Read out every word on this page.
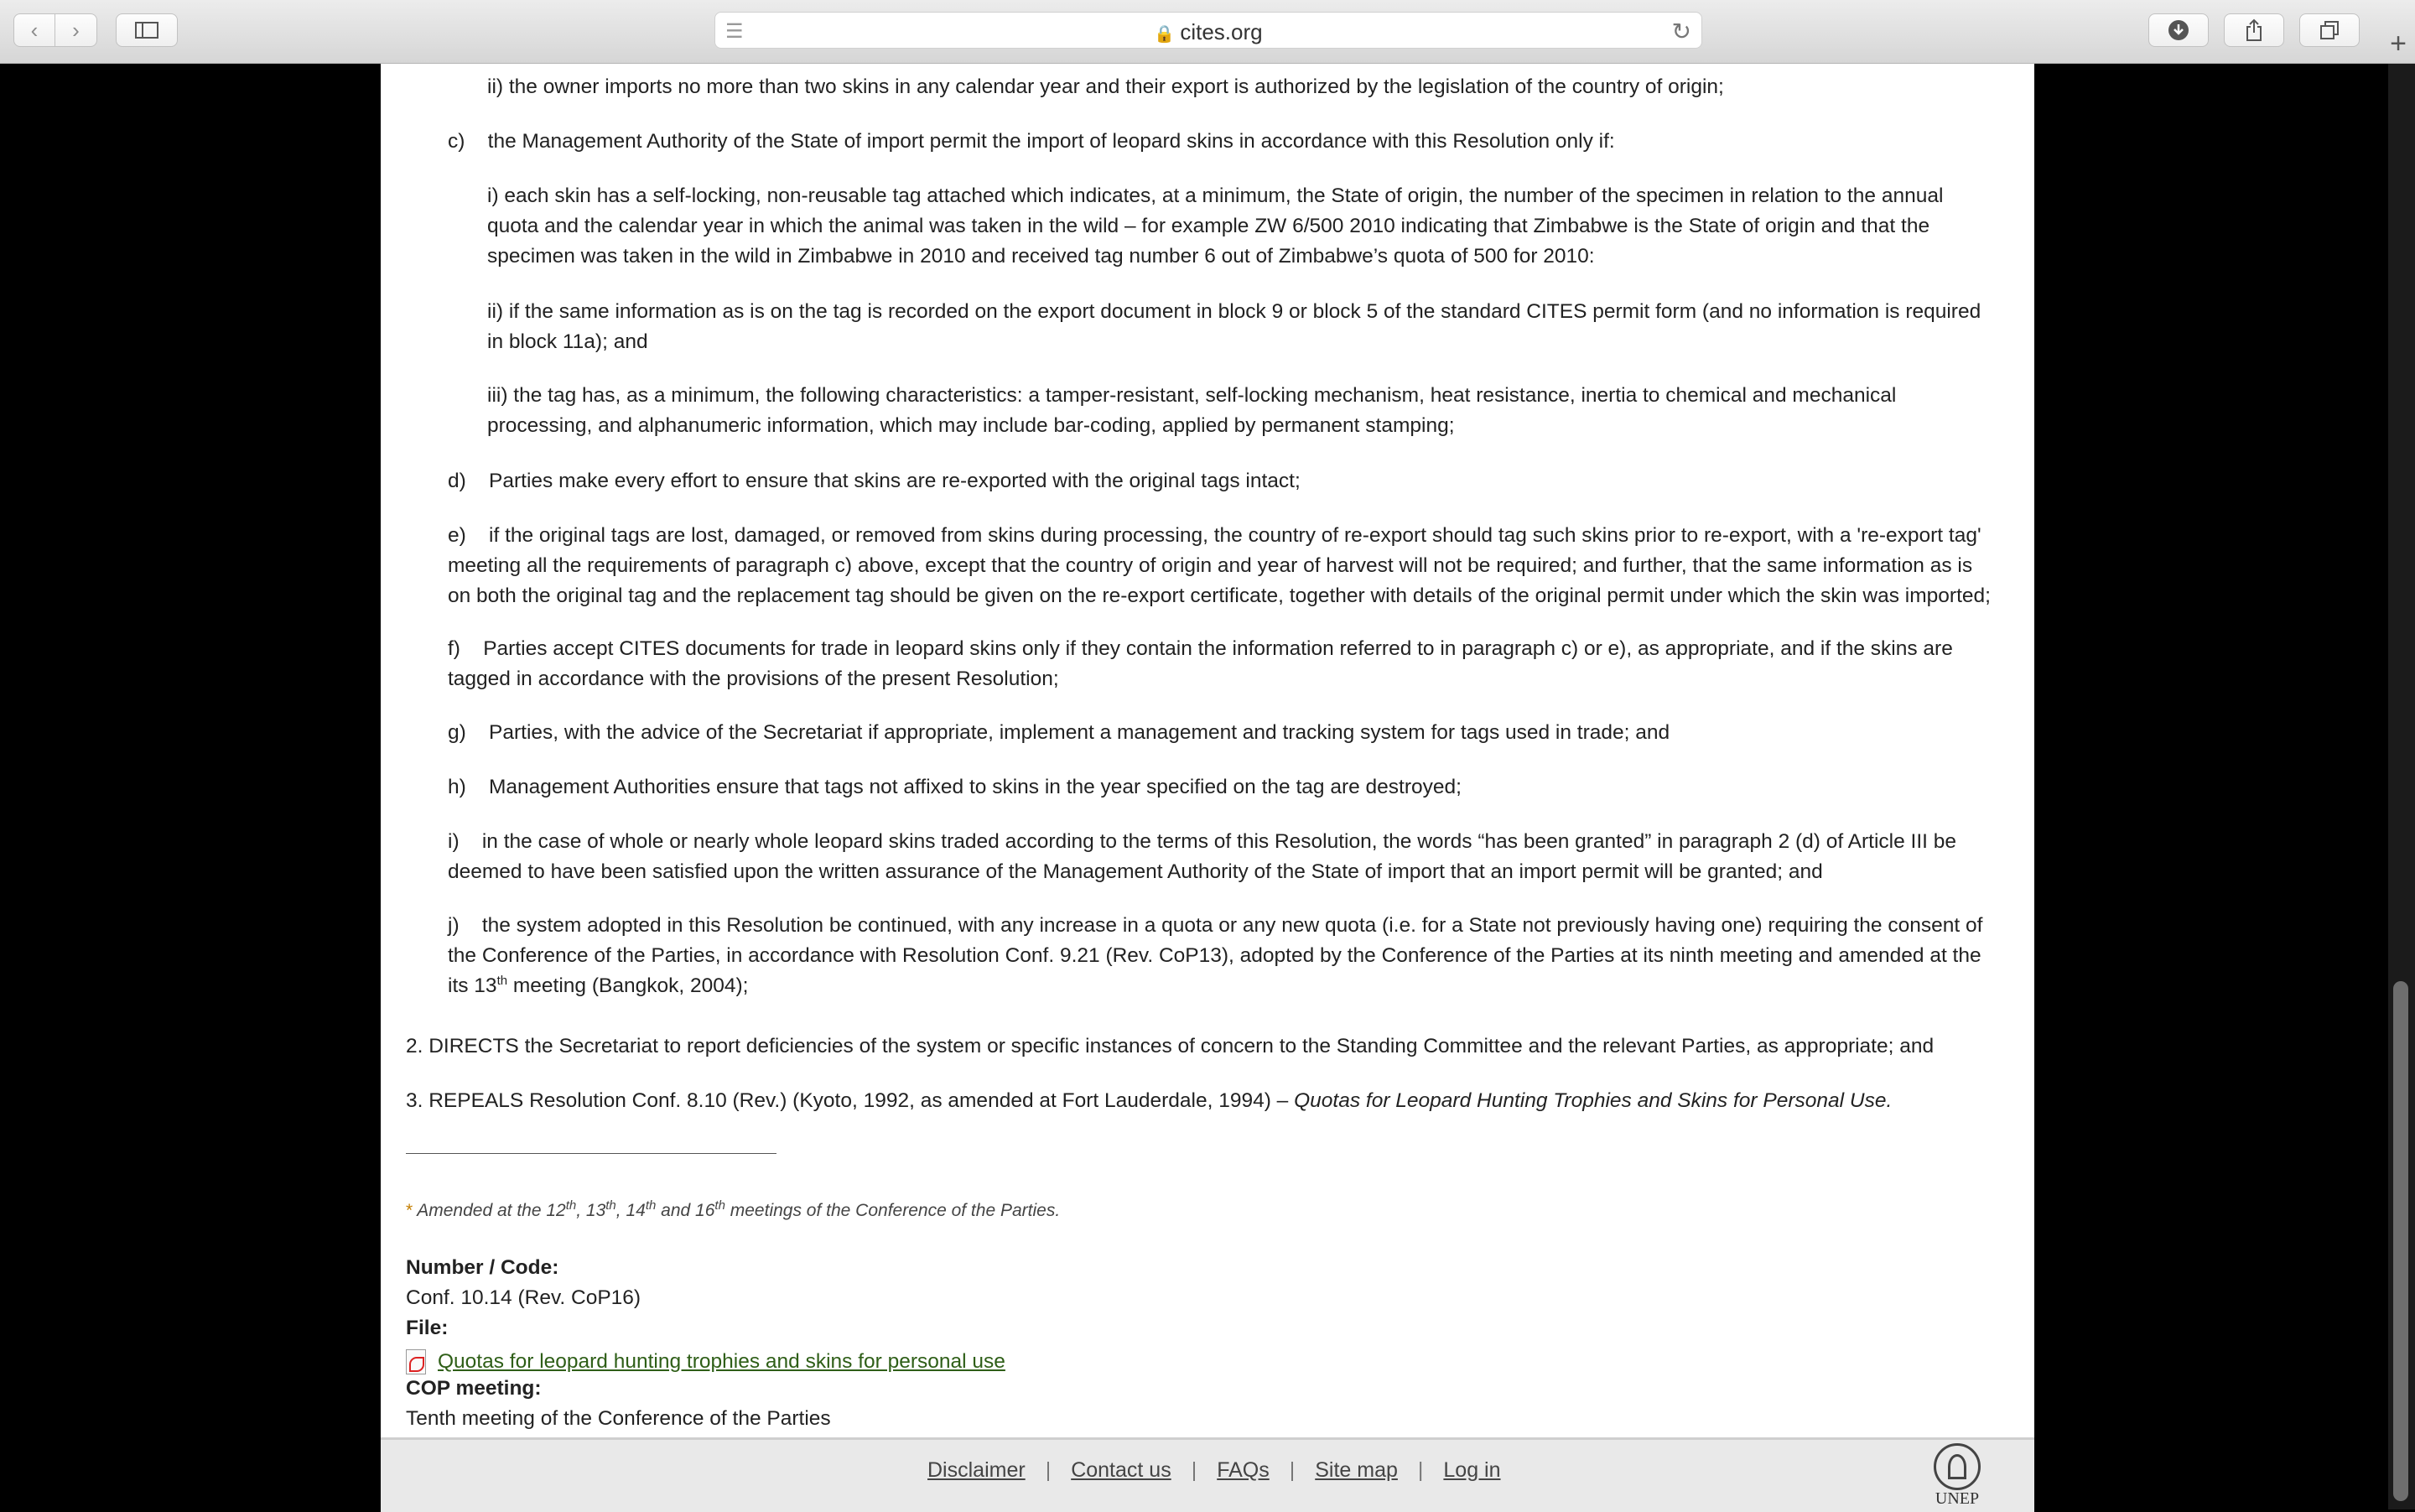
‹ ›	☰	🔒 cites.org	↻	+

ii) the owner imports no more than two skins in any calendar year and their export is authorized by the legislation of the country of origin;

c)    the Management Authority of the State of import permit the import of leopard skins in accordance with this Resolution only if:

i) each skin has a self-locking, non-reusable tag attached which indicates, at a minimum, the State of origin, the number of the specimen in relation to the annual quota and the calendar year in which the animal was taken in the wild – for example ZW 6/500 2010 indicating that Zimbabwe is the State of origin and that the specimen was taken in the wild in Zimbabwe in 2010 and received tag number 6 out of Zimbabwe’s quota of 500 for 2010:

ii) if the same information as is on the tag is recorded on the export document in block 9 or block 5 of the standard CITES permit form (and no information is required in block 11a); and

iii) the tag has, as a minimum, the following characteristics: a tamper-resistant, self-locking mechanism, heat resistance, inertia to chemical and mechanical processing, and alphanumeric information, which may include bar-coding, applied by permanent stamping;

d)    Parties make every effort to ensure that skins are re-exported with the original tags intact;

e)    if the original tags are lost, damaged, or removed from skins during processing, the country of re-export should tag such skins prior to re-export, with a 're-export tag' meeting all the requirements of paragraph c) above, except that the country of origin and year of harvest will not be required; and further, that the same information as is on both the original tag and the replacement tag should be given on the re-export certificate, together with details of the original permit under which the skin was imported;

f)    Parties accept CITES documents for trade in leopard skins only if they contain the information referred to in paragraph c) or e), as appropriate, and if the skins are tagged in accordance with the provisions of the present Resolution;

g)    Parties, with the advice of the Secretariat if appropriate, implement a management and tracking system for tags used in trade; and

h)    Management Authorities ensure that tags not affixed to skins in the year specified on the tag are destroyed;

i)    in the case of whole or nearly whole leopard skins traded according to the terms of this Resolution, the words “has been granted” in paragraph 2 (d) of Article III be deemed to have been satisfied upon the written assurance of the Management Authority of the State of import that an import permit will be granted; and

j)    the system adopted in this Resolution be continued, with any increase in a quota or any new quota (i.e. for a State not previously having one) requiring the consent of the Conference of the Parties, in accordance with Resolution Conf. 9.21 (Rev. CoP13), adopted by the Conference of the Parties at its ninth meeting and amended at the its 13th meeting (Bangkok, 2004);

2. DIRECTS the Secretariat to report deficiencies of the system or specific instances of concern to the Standing Committee and the relevant Parties, as appropriate; and

3. REPEALS Resolution Conf. 8.10 (Rev.) (Kyoto, 1992, as amended at Fort Lauderdale, 1994) – Quotas for Leopard Hunting Trophies and Skins for Personal Use.

* Amended at the 12th, 13th, 14th and 16th meetings of the Conference of the Parties.
Number / Code:
Conf. 10.14 (Rev. CoP16)
File:
Quotas for leopard hunting trophies and skins for personal use
COP meeting:
Tenth meeting of the Conference of the Parties
Disclaimer | Contact us | FAQs | Site map | Log in
UNEP
